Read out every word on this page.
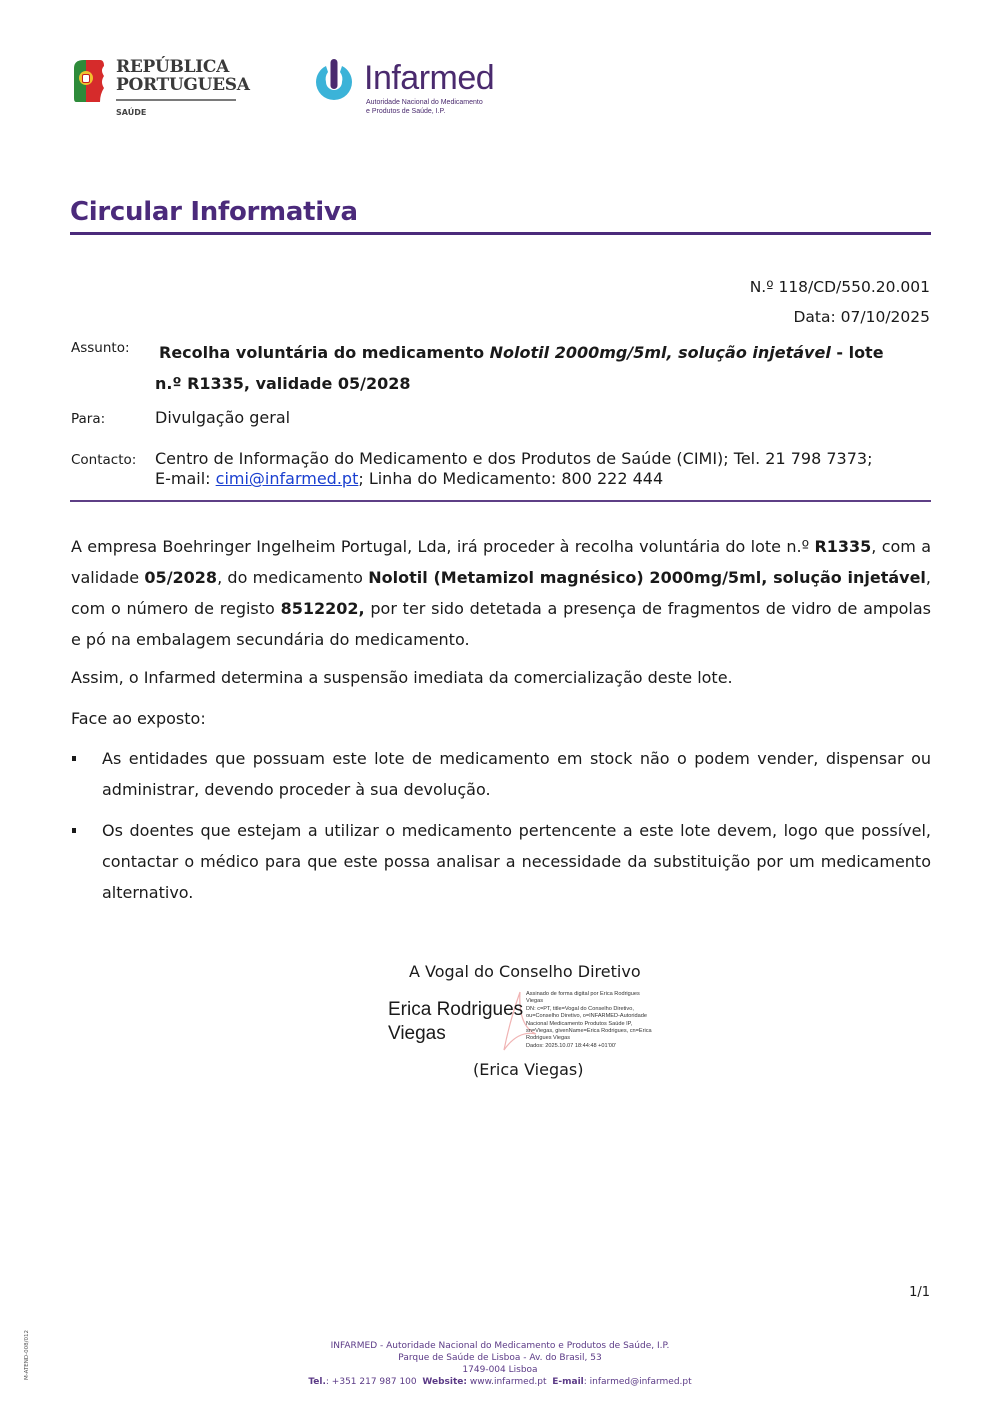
REPÚBLICA
PORTUGUESA
SAÚDE
Infarmed
Autoridade Nacional do Medicamento
e Produtos de Saúde, I.P.
Circular Informativa
N.º 118/CD/550.20.001
Data: 07/10/2025
Assunto: Recolha voluntária do medicamento Nolotil 2000mg/5ml, solução injetável - lote
n.º R1335, validade 05/2028
Para:	Divulgação geral
Contacto: Centro de Informação do Medicamento e dos Produtos de Saúde (CIMI); Tel. 21 798 7373;
E-mail: cimi@infarmed.pt; Linha do Medicamento: 800 222 444
A empresa Boehringer Ingelheim Portugal, Lda, irá proceder à recolha voluntária do lote n.º R1335, com a validade 05/2028, do medicamento Nolotil (Metamizol magnésico) 2000mg/5ml, solução injetável, com o número de registo 8512202, por ter sido detetada a presença de fragmentos de vidro de ampolas e pó na embalagem secundária do medicamento.
Assim, o Infarmed determina a suspensão imediata da comercialização deste lote.
Face ao exposto:
As entidades que possuam este lote de medicamento em stock não o podem vender, dispensar ou administrar, devendo proceder à sua devolução.
Os doentes que estejam a utilizar o medicamento pertencente a este lote devem, logo que possível, contactar o médico para que este possa analisar a necessidade da substituição por um medicamento alternativo.
A Vogal do Conselho Diretivo
Erica Rodrigues
Viegas
Assinado de forma digital por Erica Rodrigues
Viegas
DN: c=PT, title=Vogal do Conselho Diretivo,
ou=Conselho Diretivo, o=INFARMED-Autoridade
Nacional Medicamento Produtos Saúde IP,
sn=Viegas, givenName=Erica Rodrigues, cn=Erica
Rodrigues Viegas
Dados: 2025.10.07 18:44:48 +01'00'
(Erica Viegas)
1/1
M-ATEND-008/012	INFARMED - Autoridade Nacional do Medicamento e Produtos de Saúde, I.P.
Parque de Saúde de Lisboa - Av. do Brasil, 53
1749-004 Lisboa
Tel.: +351 217 987 100 Website: www.infarmed.pt E-mail: infarmed@infarmed.pt
